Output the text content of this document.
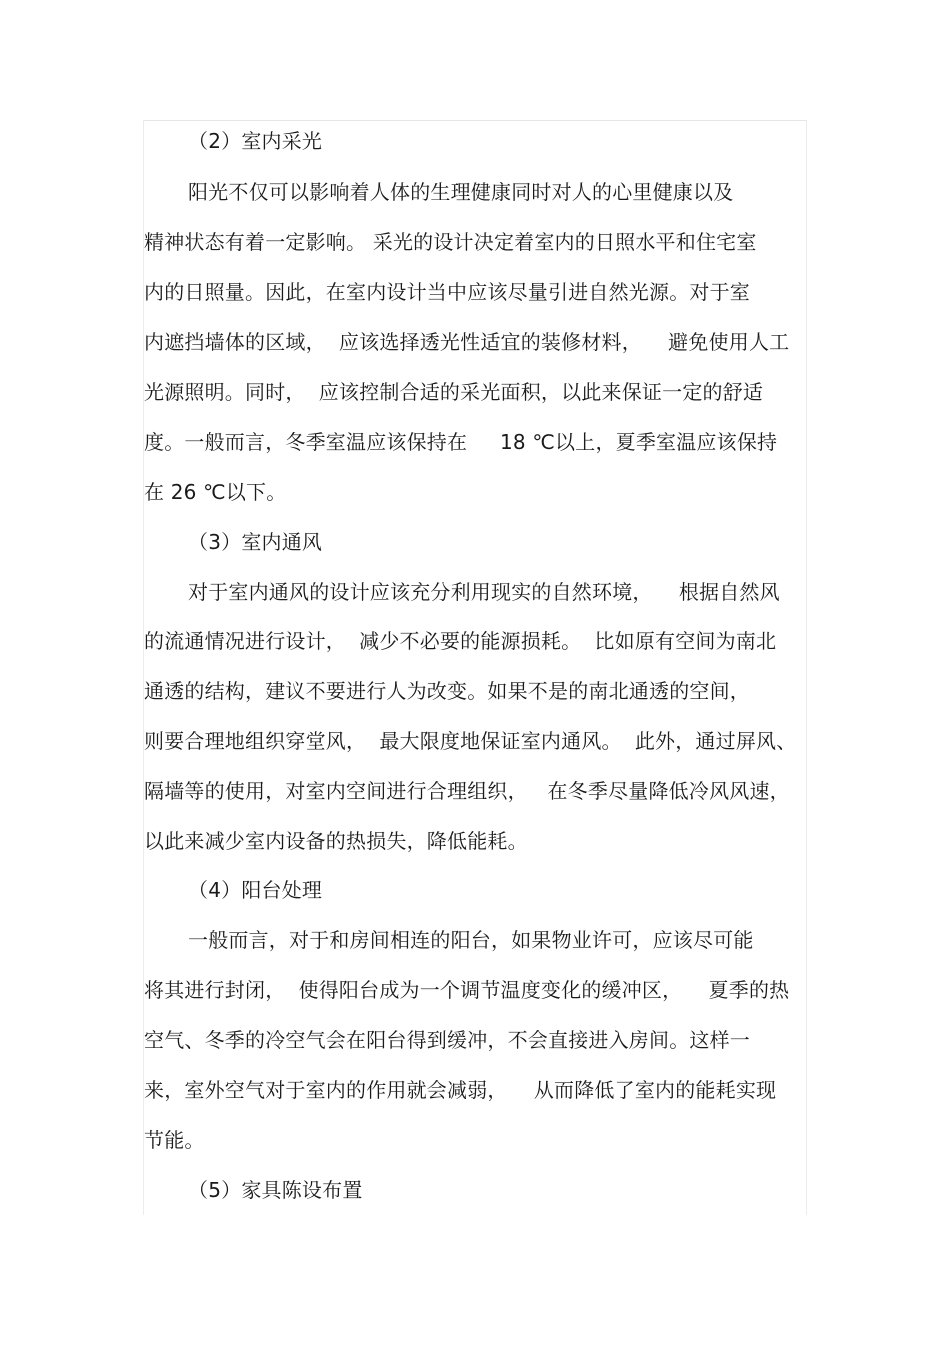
（2）室内采光
阳光不仅可以影响着人体的生理健康同时对人的心里健康以及
精神状态有着一定影响。 采光的设计决定着室内的日照水平和住宅室
内的日照量。因此，在室内设计当中应该尽量引进自然光源。对于室
内遮挡墙体的区域，  应该选择透光性适宜的装修材料，    避免使用人工
光源照明。同时，  应该控制合适的采光面积，以此来保证一定的舒适
度。一般而言，冬季室温应该保持在     18 ℃以上，夏季室温应该保持
在 26 ℃以下。
（3）室内通风
对于室内通风的设计应该充分利用现实的自然环境，    根据自然风
的流通情况进行设计，  减少不必要的能源损耗。  比如原有空间为南北
通透的结构，建议不要进行人为改变。如果不是的南北通透的空间，
则要合理地组织穿堂风，  最大限度地保证室内通风。  此外，通过屏风、
隔墙等的使用，对室内空间进行合理组织，   在冬季尽量降低冷风风速，
以此来减少室内设备的热损失，降低能耗。
（4）阳台处理
一般而言，对于和房间相连的阳台，如果物业许可，应该尽可能
将其进行封闭，  使得阳台成为一个调节温度变化的缓冲区，    夏季的热
空气、冬季的冷空气会在阳台得到缓冲，不会直接进入房间。这样一
来，室外空气对于室内的作用就会减弱，    从而降低了室内的能耗实现
节能。
（5）家具陈设布置
